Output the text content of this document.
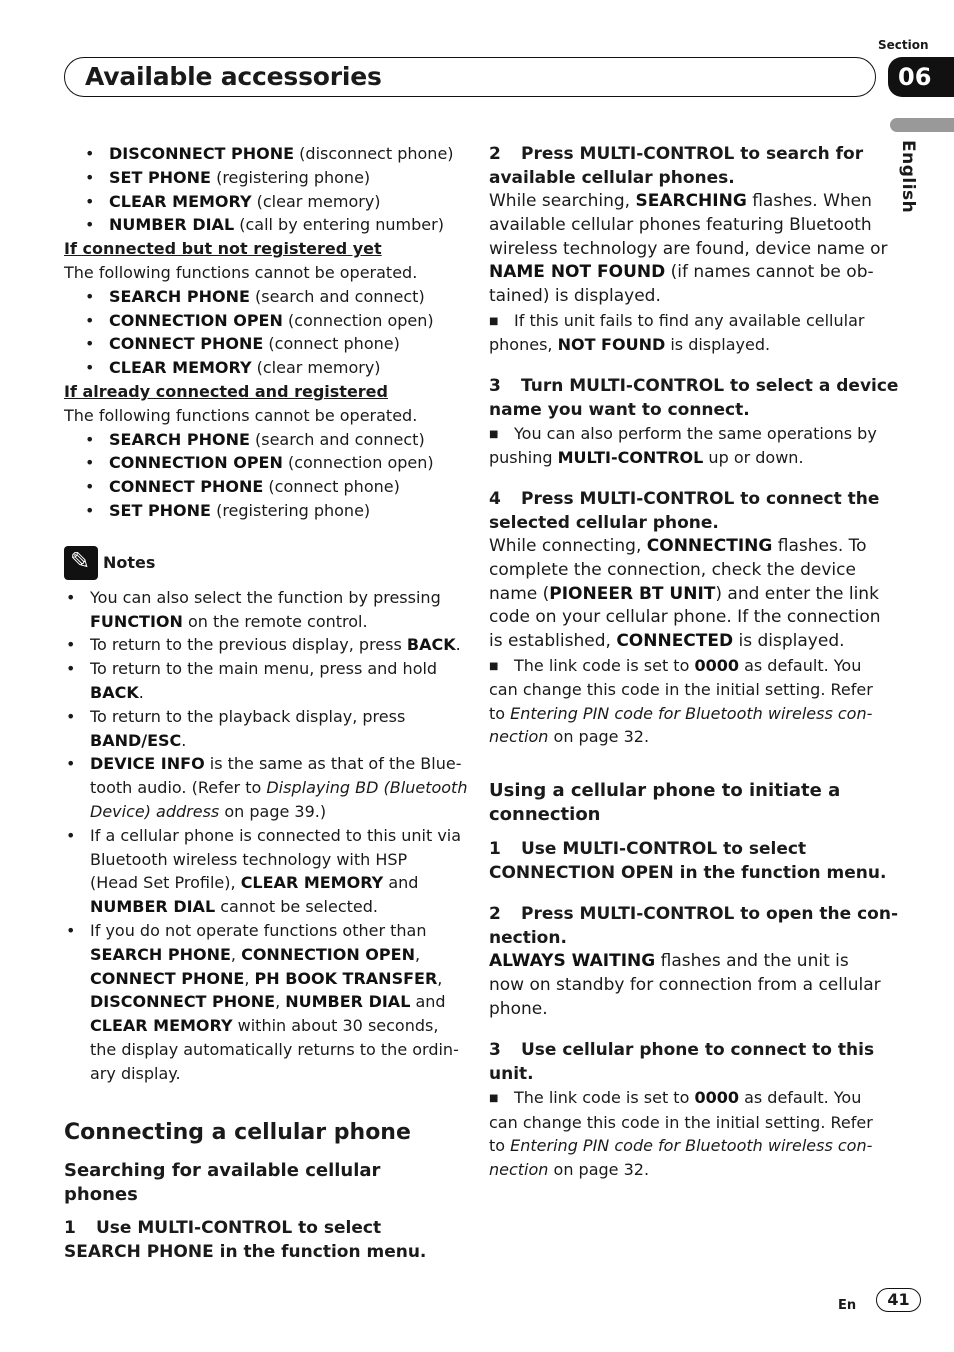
Section
06
Available accessories
English
• DISCONNECT PHONE (disconnect phone)
• SET PHONE (registering phone)
• CLEAR MEMORY (clear memory)
• NUMBER DIAL (call by entering number)
If connected but not registered yet
The following functions cannot be operated.
• SEARCH PHONE (search and connect)
• CONNECTION OPEN (connection open)
• CONNECT PHONE (connect phone)
• CLEAR MEMORY (clear memory)
If already connected and registered
The following functions cannot be operated.
• SEARCH PHONE (search and connect)
• CONNECTION OPEN (connection open)
• CONNECT PHONE (connect phone)
• SET PHONE (registering phone)
✎
Notes
• You can also select the function by pressing
FUNCTION on the remote control.
• To return to the previous display, press BACK.
• To return to the main menu, press and hold
BACK.
• To return to the playback display, press
BAND/ESC.
• DEVICE INFO is the same as that of the Blue-
tooth audio. (Refer to Displaying BD (Bluetooth
Device) address on page 39.)
• If a cellular phone is connected to this unit via
Bluetooth wireless technology with HSP
(Head Set Profile), CLEAR MEMORY and
NUMBER DIAL cannot be selected.
• If you do not operate functions other than
SEARCH PHONE, CONNECTION OPEN,
CONNECT PHONE, PH BOOK TRANSFER,
DISCONNECT PHONE, NUMBER DIAL and
CLEAR MEMORY within about 30 seconds,
the display automatically returns to the ordin-
ary display.
Connecting a cellular phone
Searching for available cellular phones
1 Use MULTI-CONTROL to select
SEARCH PHONE in the function menu.
2 Press MULTI-CONTROL to search for
available cellular phones.
While searching, SEARCHING flashes. When
available cellular phones featuring Bluetooth
wireless technology are found, device name or
NAME NOT FOUND (if names cannot be ob-
tained) is displayed.
■ If this unit fails to find any available cellular
phones, NOT FOUND is displayed.
3 Turn MULTI-CONTROL to select a device
name you want to connect.
■ You can also perform the same operations by
pushing MULTI-CONTROL up or down.
4 Press MULTI-CONTROL to connect the
selected cellular phone.
While connecting, CONNECTING flashes. To
complete the connection, check the device
name (PIONEER BT UNIT) and enter the link
code on your cellular phone. If the connection
is established, CONNECTED is displayed.
■ The link code is set to 0000 as default. You
can change this code in the initial setting. Refer
to Entering PIN code for Bluetooth wireless con-
nection on page 32.
Using a cellular phone to initiate a
connection
1 Use MULTI-CONTROL to select
CONNECTION OPEN in the function menu.
2 Press MULTI-CONTROL to open the con-
nection.
ALWAYS WAITING flashes and the unit is
now on standby for connection from a cellular
phone.
3 Use cellular phone to connect to this
unit.
■ The link code is set to 0000 as default. You
can change this code in the initial setting. Refer
to Entering PIN code for Bluetooth wireless con-
nection on page 32.
En	41
